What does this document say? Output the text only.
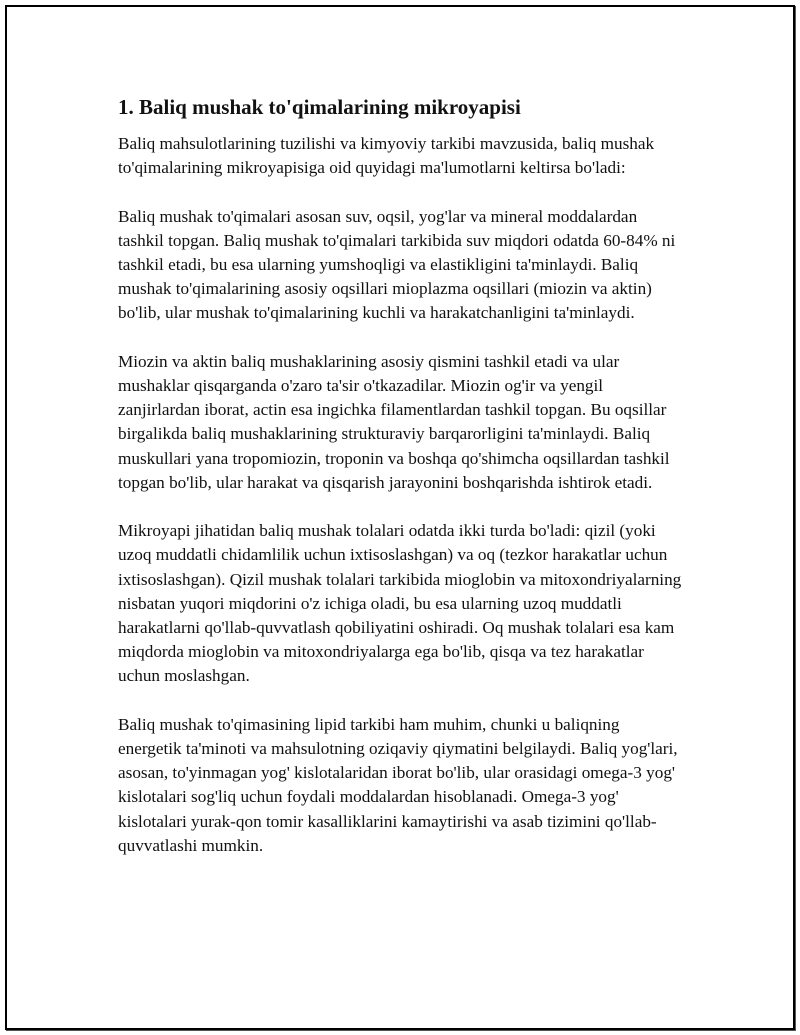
1. Baliq mushak to'qimalarining mikroyapisi

Baliq mahsulotlarining tuzilishi va kimyoviy tarkibi mavzusida, baliq mushak to'qimalarining mikroyapisiga oid quyidagi ma'lumotlarni keltirsa bo'ladi:

Baliq mushak to'qimalari asosan suv, oqsil, yog'lar va mineral moddalardan tashkil topgan. Baliq mushak to'qimalari tarkibida suv miqdori odatda 60-84% ni tashkil etadi, bu esa ularning yumshoqligi va elastikligini ta'minlaydi. Baliq mushak to'qimalarining asosiy oqsillari mioplazma oqsillari (miozin va aktin) bo'lib, ular mushak to'qimalarining kuchli va harakatchanligini ta'minlaydi.

Miozin va aktin baliq mushaklarining asosiy qismini tashkil etadi va ular mushaklar qisqarganda o'zaro ta'sir o'tkazadilar. Miozin og'ir va yengil zanjirlardan iborat, actin esa ingichka filamentlardan tashkil topgan. Bu oqsillar birgalikda baliq mushaklarining strukturaviy barqarorligini ta'minlaydi. Baliq muskullari yana tropomiozin, troponin va boshqa qo'shimcha oqsillardan tashkil topgan bo'lib, ular harakat va qisqarish jarayonini boshqarishda ishtirok etadi.

Mikroyapi jihatidan baliq mushak tolalari odatda ikki turda bo'ladi: qizil (yoki uzoq muddatli chidamlilik uchun ixtisoslashgan) va oq (tezkor harakatlar uchun ixtisoslashgan). Qizil mushak tolalari tarkibida mioglobin va mitoxondriyalarning nisbatan yuqori miqdorini o'z ichiga oladi, bu esa ularning uzoq muddatli harakatlarni qo'llab-quvvatlash qobiliyatini oshiradi. Oq mushak tolalari esa kam miqdorda mioglobin va mitoxondriyalarga ega bo'lib, qisqa va tez harakatlar uchun moslashgan.

Baliq mushak to'qimasining lipid tarkibi ham muhim, chunki u baliqning energetik ta'minoti va mahsulotning oziqaviy qiymatini belgilaydi. Baliq yog'lari, asosan, to'yinmagan yog' kislotalaridan iborat bo'lib, ular orasidagi omega-3 yog' kislotalari sog'liq uchun foydali moddalardan hisoblanadi. Omega-3 yog' kislotalari yurak-qon tomir kasalliklarini kamaytirishi va asab tizimini qo'llab-quvvatlashi mumkin.
